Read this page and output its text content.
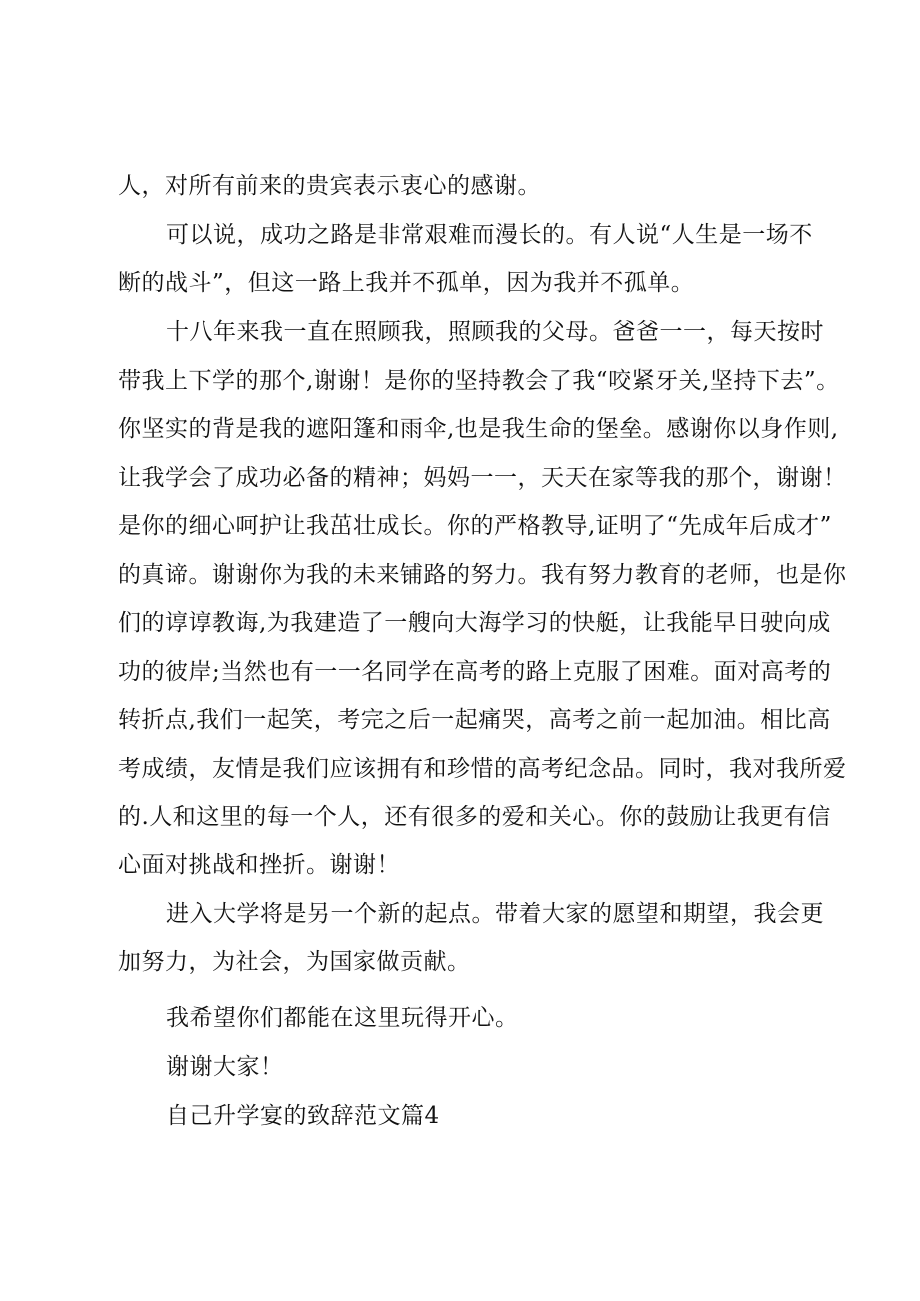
人，对所有前来的贵宾表示衷心的感谢。
可以说，成功之路是非常艰难而漫长的。有人说“人生是一场不
断的战斗”，但这一路上我并不孤单，因为我并不孤单。
十八年来我一直在照顾我，照顾我的父母。爸爸一一，每天按时
带我上下学的那个,谢谢！是你的坚持教会了我“咬紧牙关,坚持下去”。
你坚实的背是我的遮阳篷和雨伞,也是我生命的堡垒。感谢你以身作则,
让我学会了成功必备的精神；妈妈一一，天天在家等我的那个，谢谢！
是你的细心呵护让我茁壮成长。你的严格教导,证明了“先成年后成才”
的真谛。谢谢你为我的未来铺路的努力。我有努力教育的老师，也是你
们的谆谆教诲,为我建造了一艘向大海学习的快艇，让我能早日驶向成
功的彼岸;当然也有一一名同学在高考的路上克服了困难。面对高考的
转折点,我们一起笑，考完之后一起痛哭，高考之前一起加油。相比高
考成绩，友情是我们应该拥有和珍惜的高考纪念品。同时，我对我所爱
的.人和这里的每一个人，还有很多的爱和关心。你的鼓励让我更有信
心面对挑战和挫折。谢谢！
进入大学将是另一个新的起点。带着大家的愿望和期望，我会更
加努力，为社会，为国家做贡献。
我希望你们都能在这里玩得开心。
谢谢大家！
自己升学宴的致辞范文篇4
